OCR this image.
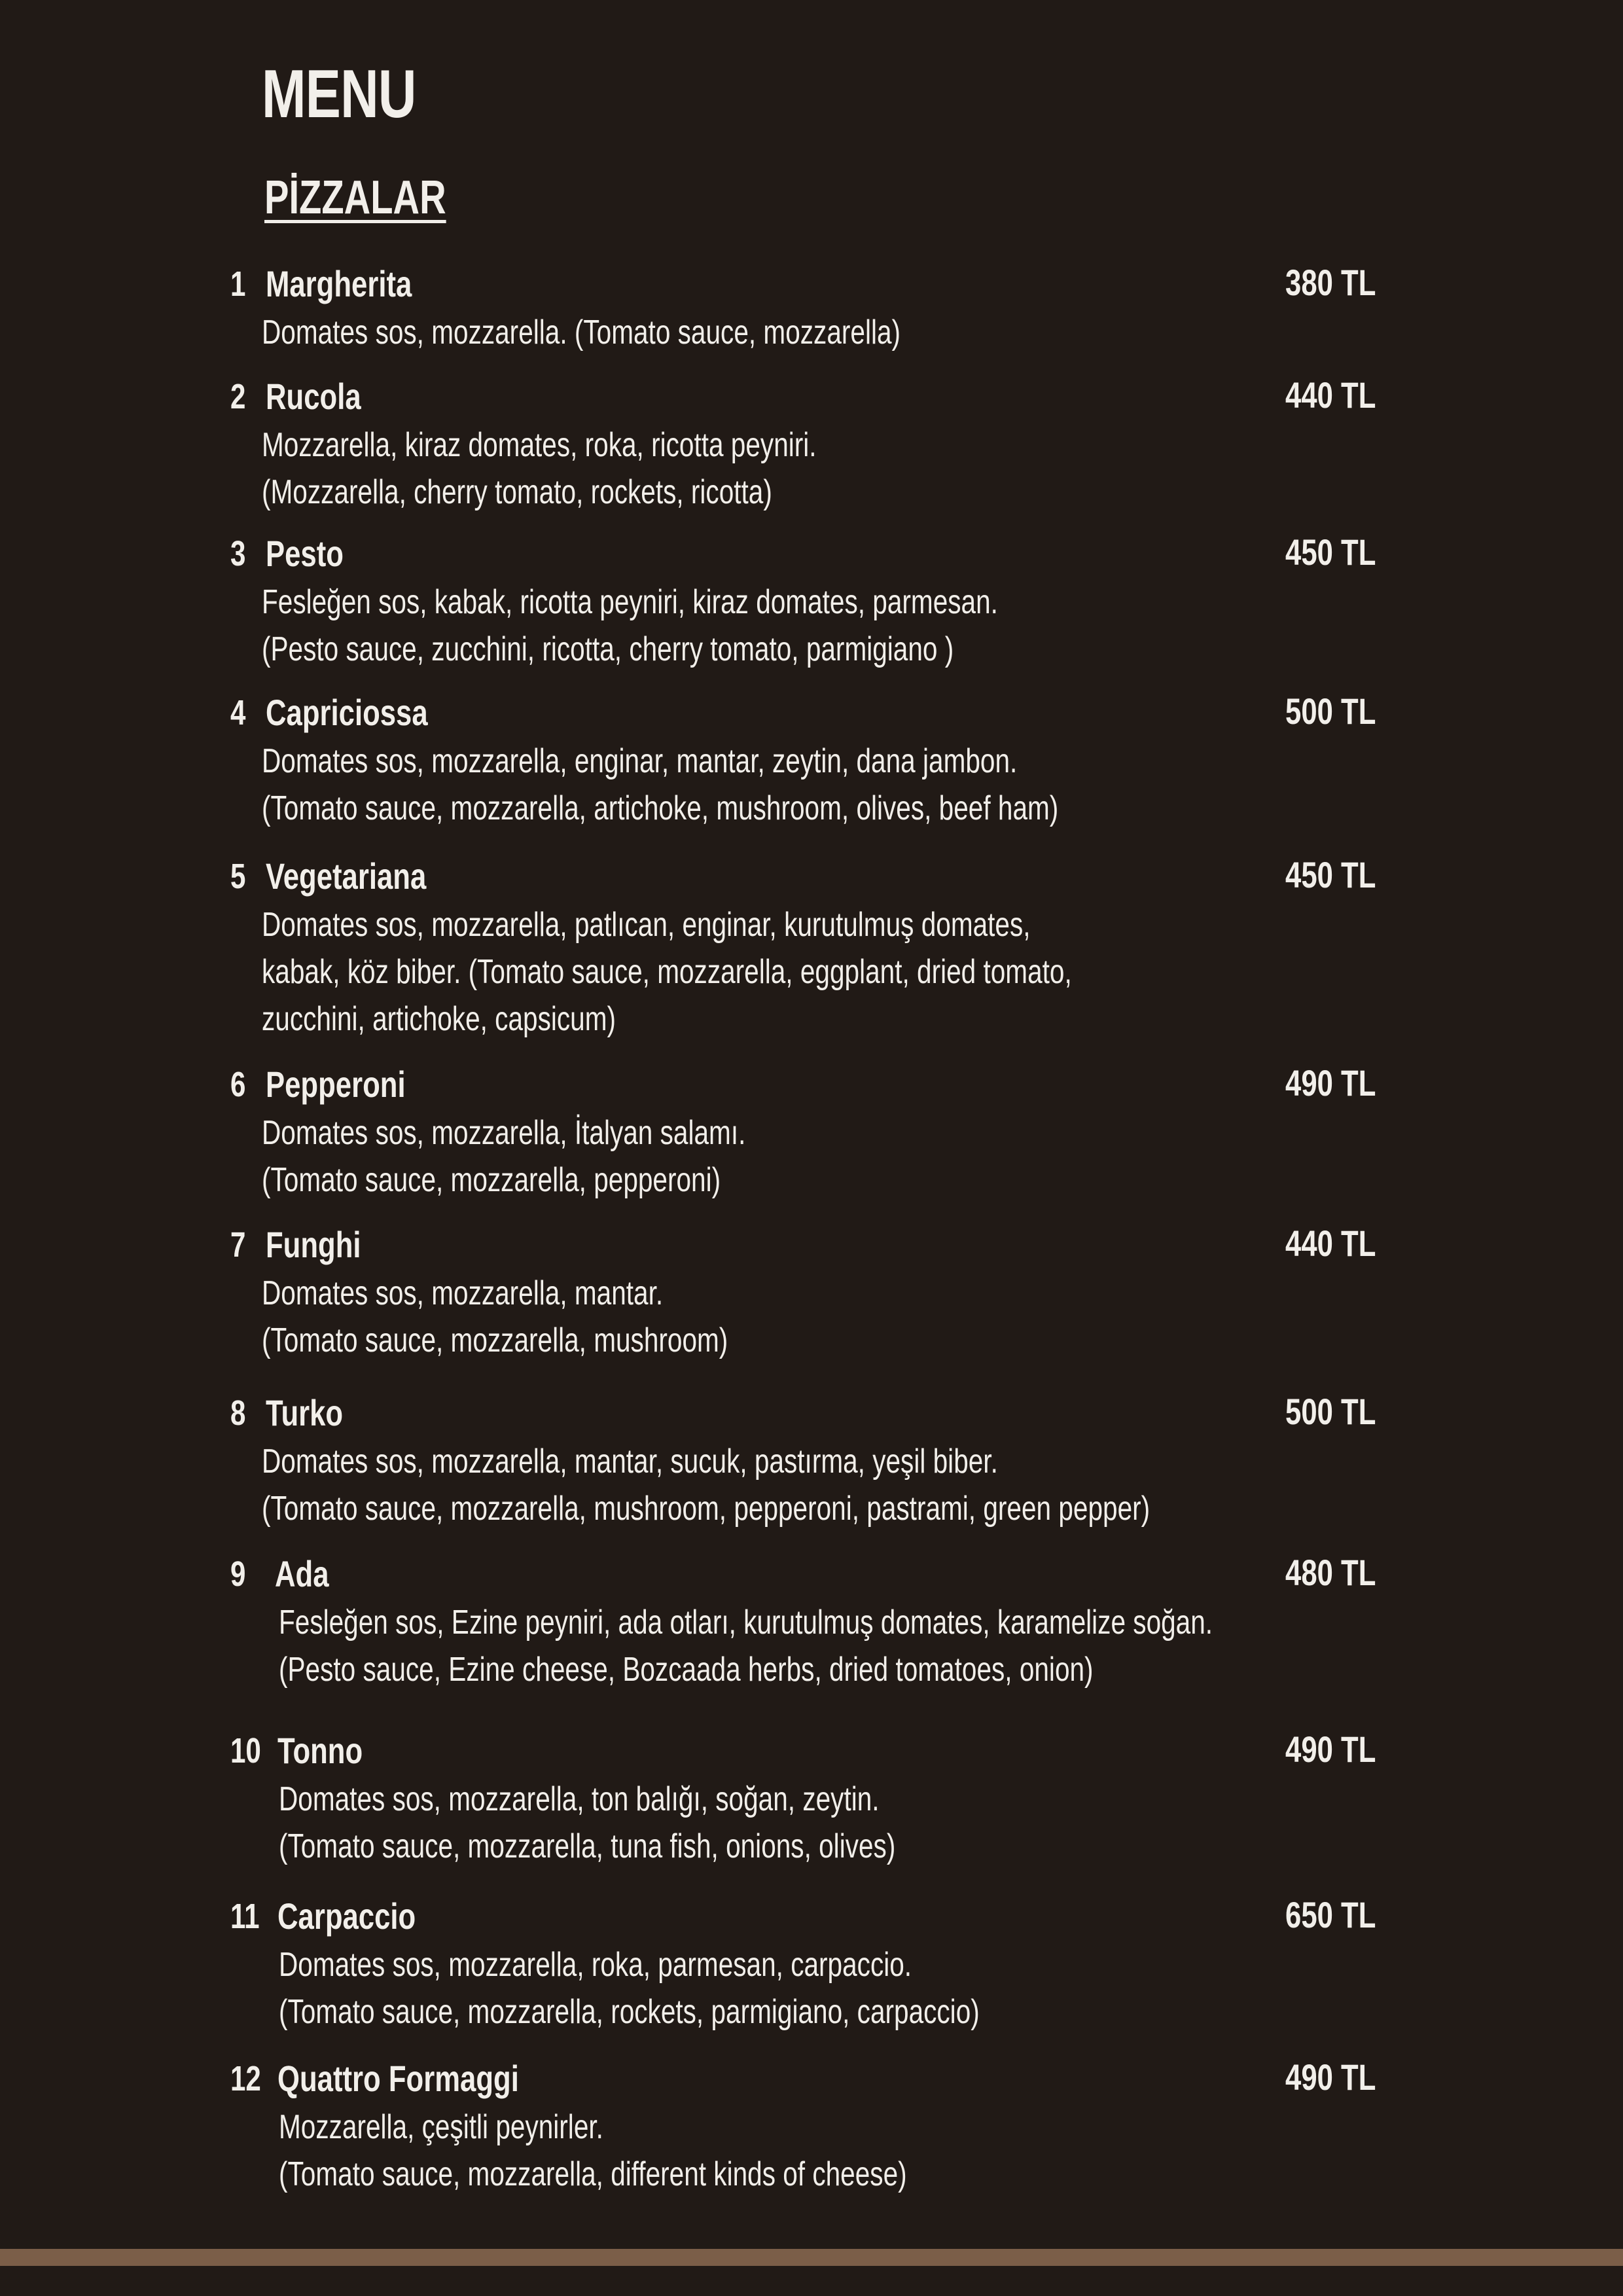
MENU
PİZZALAR
1 Margherita	380 TL
Domates sos, mozzarella. (Tomato sauce, mozzarella)
2 Rucola	440 TL
Mozzarella, kiraz domates, roka, ricotta peyniri.
(Mozzarella, cherry tomato, rockets, ricotta)
3 Pesto	450 TL
Fesleğen sos, kabak, ricotta peyniri, kiraz domates, parmesan.
(Pesto sauce, zucchini, ricotta, cherry tomato, parmigiano )
4 Capriciossa	500 TL
Domates sos, mozzarella, enginar, mantar, zeytin, dana jambon.
(Tomato sauce, mozzarella, artichoke, mushroom, olives, beef ham)
5 Vegetariana	450 TL
Domates sos, mozzarella, patlıcan, enginar, kurutulmuş domates,
kabak, köz biber. (Tomato sauce, mozzarella, eggplant, dried tomato,
zucchini, artichoke, capsicum)
6 Pepperoni	490 TL
Domates sos, mozzarella, İtalyan salamı.
(Tomato sauce, mozzarella, pepperoni)
7 Funghi	440 TL
Domates sos, mozzarella, mantar.
(Tomato sauce, mozzarella, mushroom)
8 Turko	500 TL
Domates sos, mozzarella, mantar, sucuk, pastırma, yeşil biber.
(Tomato sauce, mozzarella, mushroom, pepperoni, pastrami, green pepper)
9 Ada	480 TL
Fesleğen sos, Ezine peyniri, ada otları, kurutulmuş domates, karamelize soğan.
(Pesto sauce, Ezine cheese, Bozcaada herbs, dried tomatoes, onion)
10 Tonno	490 TL
Domates sos, mozzarella, ton balığı, soğan, zeytin.
(Tomato sauce, mozzarella, tuna fish, onions, olives)
11 Carpaccio	650 TL
Domates sos, mozzarella, roka, parmesan, carpaccio.
(Tomato sauce, mozzarella, rockets, parmigiano, carpaccio)
12 Quattro Formaggi	490 TL
Mozzarella, çeşitli peynirler.
(Tomato sauce, mozzarella, different kinds of cheese)
